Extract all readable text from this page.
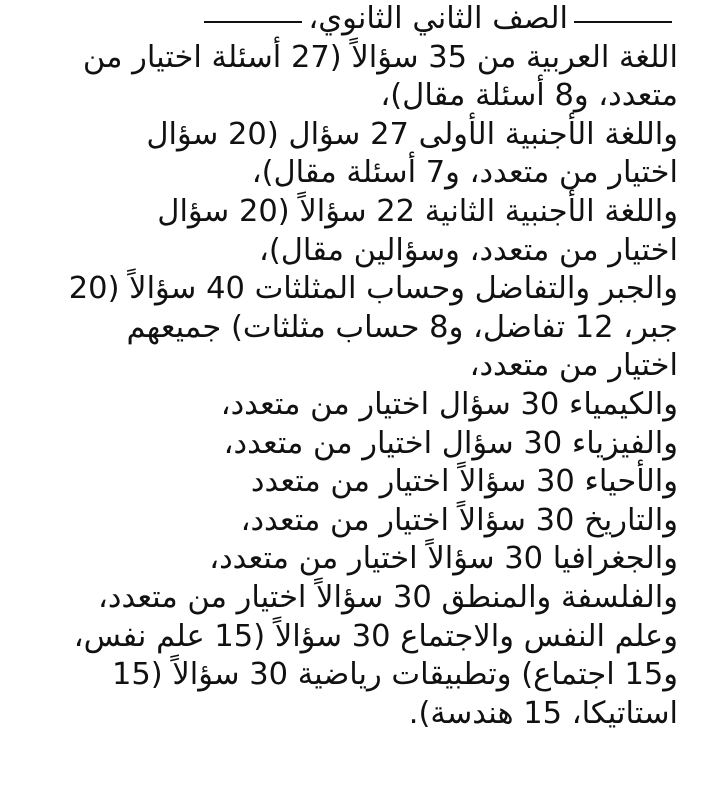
الصف الثاني الثانوي،
اللغة العربية من 35 سؤالاً (27 أسئلة اختيار من
متعدد، و8 أسئلة مقال)،
واللغة الأجنبية الأولى 27 سؤال (20 سؤال
اختيار من متعدد، و7 أسئلة مقال)،
واللغة الأجنبية الثانية 22 سؤالاً (20 سؤال
اختيار من متعدد، وسؤالين مقال)،
والجبر والتفاضل وحساب المثلثات 40 سؤالاً (20
جبر، 12 تفاضل، و8 حساب مثلثات) جميعهم
اختيار من متعدد،
والكيمياء 30 سؤال اختيار من متعدد،
والفيزياء 30 سؤال اختيار من متعدد،
والأحياء 30 سؤالاً اختيار من متعدد
والتاريخ 30 سؤالاً اختيار من متعدد،
والجغرافيا 30 سؤالاً اختيار من متعدد،
والفلسفة والمنطق 30 سؤالاً اختيار من متعدد،
وعلم النفس والاجتماع 30 سؤالاً (15 علم نفس،
و15 اجتماع) وتطبيقات رياضية 30 سؤالاً (15
استاتيكا، 15 هندسة).
